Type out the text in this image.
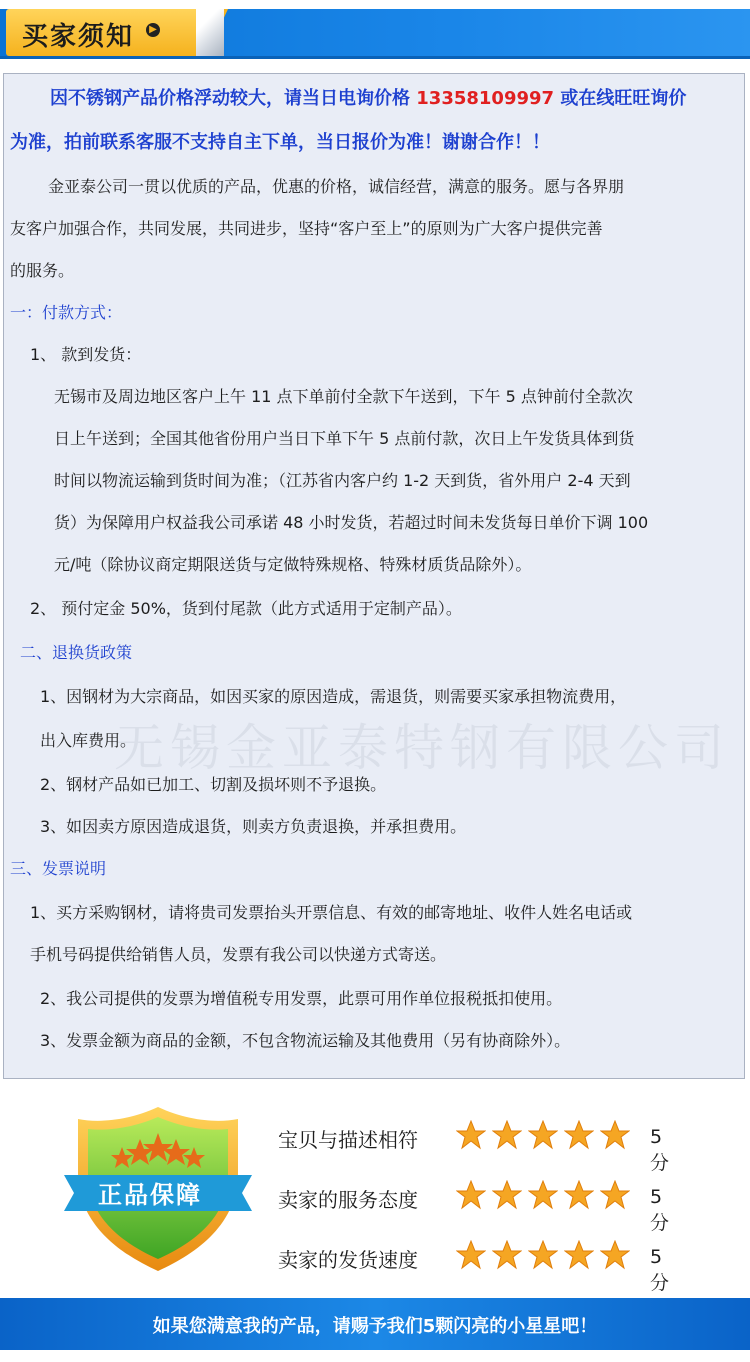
买家须知	▶
无锡金亚泰特钢有限公司
因不锈钢产品价格浮动较大，请当日电询价格 13358109997 或在线旺旺询价
为准，拍前联系客服不支持自主下单，当日报价为准！谢谢合作！！
金亚泰公司一贯以优质的产品，优惠的价格，诚信经营，满意的服务。愿与各界朋
友客户加强合作，共同发展，共同进步，坚持“客户至上”的原则为广大客户提供完善
的服务。
一：付款方式：
1、 款到发货：
无锡市及周边地区客户上午 11 点下单前付全款下午送到，下午 5 点钟前付全款次
日上午送到；全国其他省份用户当日下单下午 5 点前付款，次日上午发货具体到货
时间以物流运输到货时间为准；（江苏省内客户约 1-2 天到货，省外用户 2-4 天到
货）为保障用户权益我公司承诺 48 小时发货，若超过时间未发货每日单价下调 100
元/吨（除协议商定期限送货与定做特殊规格、特殊材质货品除外）。
2、 预付定金 50%，货到付尾款（此方式适用于定制产品）。
二、退换货政策
1、因钢材为大宗商品，如因买家的原因造成，需退货，则需要买家承担物流费用，
出入库费用。
2、钢材产品如已加工、切割及损坏则不予退换。
3、如因卖方原因造成退货，则卖方负责退换，并承担费用。
三、发票说明
1、买方采购钢材，请将贵司发票抬头开票信息、有效的邮寄地址、收件人姓名电话或
手机号码提供给销售人员，发票有我公司以快递方式寄送。
2、我公司提供的发票为增值税专用发票，此票可用作单位报税抵扣使用。
3、发票金额为商品的金额，不包含物流运输及其他费用（另有协商除外）。
正品保障
宝贝与描述相符	5分
卖家的服务态度	5分
卖家的发货速度	5分
如果您满意我的产品，请赐予我们5颗闪亮的小星星吧！
